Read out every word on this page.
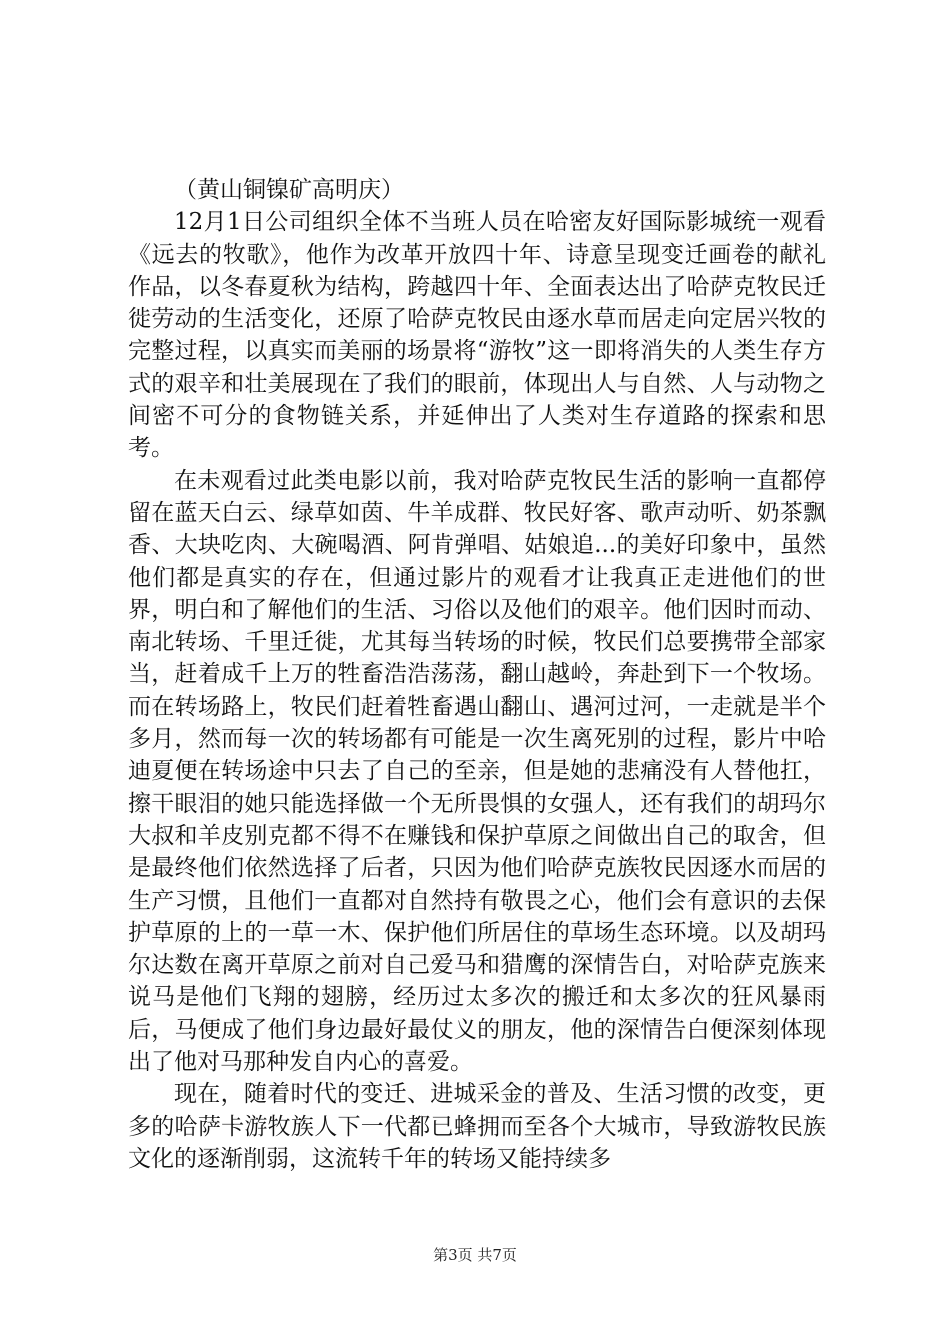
（黄山铜镍矿高明庆）

12月1日公司组织全体不当班人员在哈密友好国际影城统一观看《远去的牧歌》，他作为改革开放四十年、诗意呈现变迁画卷的献礼作品，以冬春夏秋为结构，跨越四十年、全面表达出了哈萨克牧民迁徙劳动的生活变化，还原了哈萨克牧民由逐水草而居走向定居兴牧的完整过程，以真实而美丽的场景将“游牧”这一即将消失的人类生存方式的艰辛和壮美展现在了我们的眼前，体现出人与自然、人与动物之间密不可分的食物链关系，并延伸出了人类对生存道路的探索和思考。

在未观看过此类电影以前，我对哈萨克牧民生活的影响一直都停留在蓝天白云、绿草如茵、牛羊成群、牧民好客、歌声动听、奶茶飘香、大块吃肉、大碗喝酒、阿肯弹唱、姑娘追...的美好印象中，虽然他们都是真实的存在，但通过影片的观看才让我真正走进他们的世界，明白和了解他们的生活、习俗以及他们的艰辛。他们因时而动、南北转场、千里迁徙，尤其每当转场的时候，牧民们总要携带全部家当，赶着成千上万的牲畜浩浩荡荡，翻山越岭，奔赴到下一个牧场。而在转场路上，牧民们赶着牲畜遇山翻山、遇河过河，一走就是半个多月，然而每一次的转场都有可能是一次生离死别的过程，影片中哈迪夏便在转场途中只去了自己的至亲，但是她的悲痛没有人替他扛，擦干眼泪的她只能选择做一个无所畏惧的女强人，还有我们的胡玛尔大叔和羊皮别克都不得不在赚钱和保护草原之间做出自己的取舍，但是最终他们依然选择了后者，只因为他们哈萨克族牧民因逐水而居的生产习惯，且他们一直都对自然持有敬畏之心，他们会有意识的去保护草原的上的一草一木、保护他们所居住的草场生态环境。以及胡玛尔达数在离开草原之前对自己爱马和猎鹰的深情告白，对哈萨克族来说马是他们飞翔的翅膀，经历过太多次的搬迁和太多次的狂风暴雨后，马便成了他们身边最好最仗义的朋友，他的深情告白便深刻体现出了他对马那种发自内心的喜爱。

现在，随着时代的变迁、进城采金的普及、生活习惯的改变，更多的哈萨卡游牧族人下一代都已蜂拥而至各个大城市，导致游牧民族文化的逐渐削弱，这流转千年的转场又能持续多

第3页 共7页
